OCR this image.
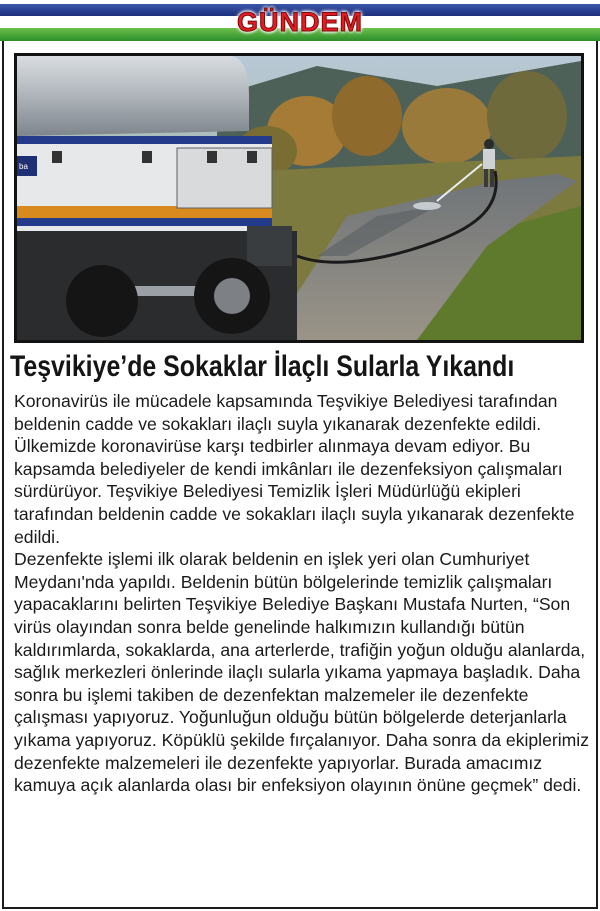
GÜNDEM
ba
Teşvikiye’de Sokaklar İlaçlı Sularla Yıkandı

Koronavirüs ile mücadele kapsamında Teşvikiye Belediyesi tarafından beldenin cadde ve sokakları ilaçlı suyla yıkanarak dezenfekte edildi.

Ülkemizde koronavirüse karşı tedbirler alınmaya devam ediyor. Bu kapsamda belediyeler de kendi imkânları ile dezenfeksiyon çalışmaları sürdürüyor. Teşvikiye Belediyesi Temizlik İşleri Müdürlüğü ekipleri tarafından beldenin cadde ve sokakları ilaçlı suyla yıkanarak dezenfekte edildi.

Dezenfekte işlemi ilk olarak beldenin en işlek yeri olan Cumhuriyet Meydanı'nda yapıldı. Beldenin bütün bölgelerinde temizlik çalışmaları yapacaklarını belirten Teşvikiye Belediye Başkanı Mustafa Nurten, “Son virüs olayından sonra belde genelinde halkımızın kullandığı bütün kaldırımlarda, sokaklarda, ana arterlerde, trafiğin yoğun olduğu alanlarda, sağlık merkezleri önlerinde ilaçlı sularla yıkama yapmaya başladık. Daha sonra bu işlemi takiben de dezenfektan malzemeler ile dezenfekte çalışması yapıyoruz. Yoğunluğun olduğu bütün bölgelerde deterjanlarla yıkama yapıyoruz. Köpüklü şekilde fırçalanıyor. Daha sonra da ekiplerimiz dezenfekte malzemeleri ile dezenfekte yapıyorlar. Burada amacımız kamuya açık alanlarda olası bir enfeksiyon olayının önüne geçmek” dedi.
